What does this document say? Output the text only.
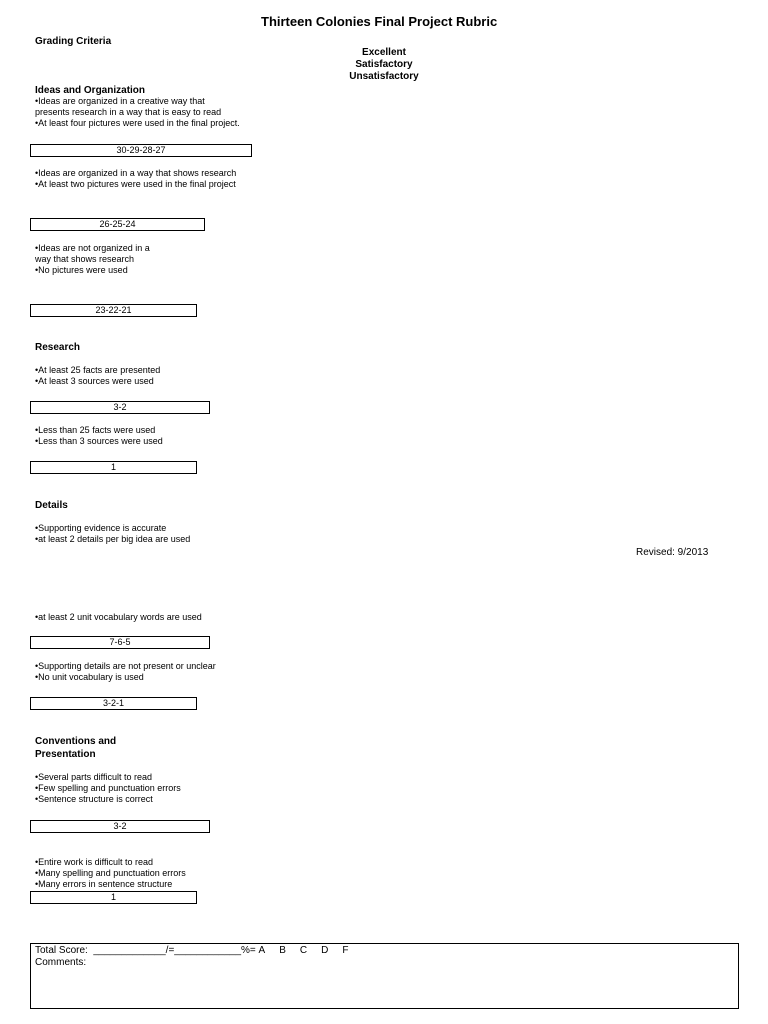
Thirteen Colonies Final Project Rubric
Grading Criteria
Excellent
Satisfactory
Unsatisfactory
Ideas and Organization
•Ideas are organized in a creative way that
presents research in a way that is easy to read
•At least four pictures were used in the final project.
30-29-28-27
•Ideas are organized in a way that shows research
•At least two pictures were used in the final project
26-25-24
•Ideas are not organized in a
way that shows research
•No pictures were used
23-22-21
Research
•At least 25 facts are presented
•At least 3 sources were used
3-2
•Less than 25 facts were used
•Less than 3 sources were used
1
Details
•Supporting evidence is accurate
•at least 2 details per big idea are used
Revised: 9/2013
•at least 2 unit vocabulary words are used
7-6-5
•Supporting details are not present or unclear
•No unit vocabulary is used
3-2-1
Conventions and
Presentation
•Several parts difficult to read
•Few spelling and punctuation errors
•Sentence structure is correct
3-2
•Entire work is difficult to read
•Many spelling and punctuation errors
•Many errors in sentence structure
1
Total Score:  _____________/=____________%= A B C D F
Comments:
